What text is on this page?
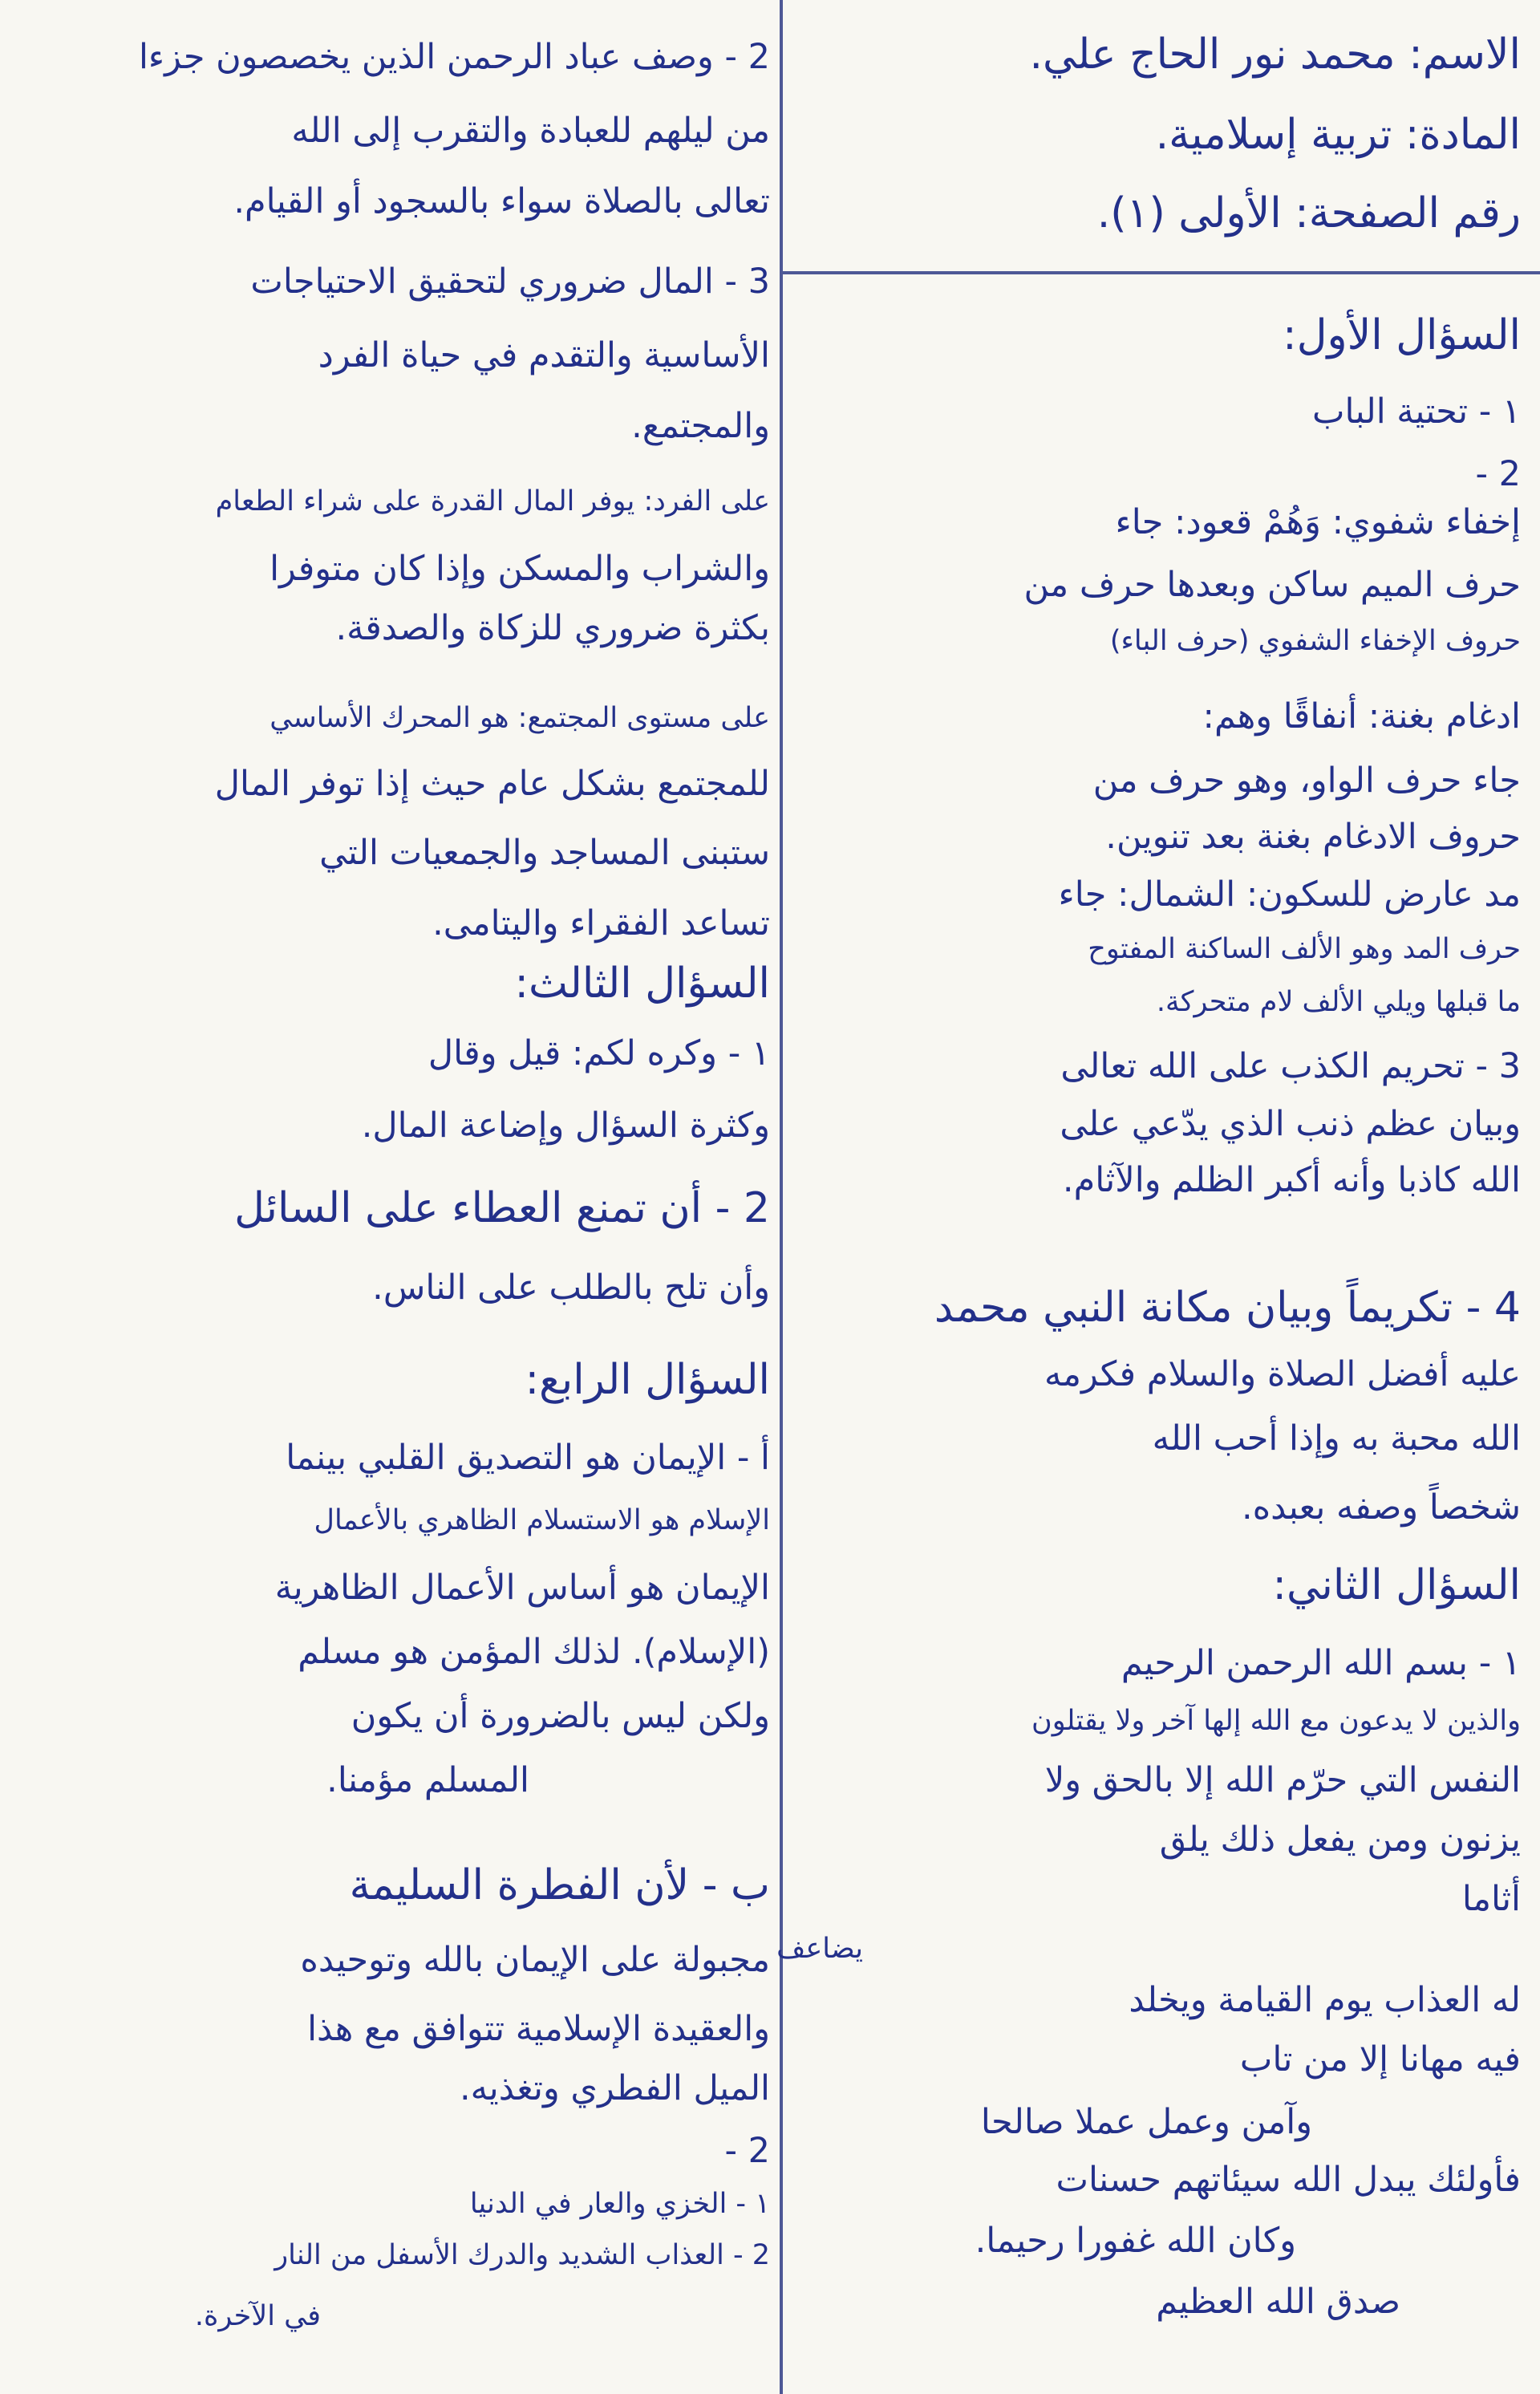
الاسم: محمد نور الحاج علي.
المادة: تربية إسلامية.
رقم الصفحة: الأولى (١).
السؤال الأول:
١ - تحتية الباب
2 -
إخفاء شفوي: وَهُمْ قعود: جاء
حرف الميم ساكن وبعدها حرف من
حروف الإخفاء الشفوي (حرف الباء)
ادغام بغنة: أنفاقًا وهم:
جاء حرف الواو، وهو حرف من
حروف الادغام بغنة بعد تنوين.
مد عارض للسكون: الشمال: جاء
حرف المد وهو الألف الساكنة المفتوح
ما قبلها ويلي الألف لام متحركة.
3 - تحريم الكذب على الله تعالى
وبيان عظم ذنب الذي يدّعي على
الله كاذبا وأنه أكبر الظلم والآثام.
4 - تكريماً وبيان مكانة النبي محمد
عليه أفضل الصلاة والسلام فكرمه
الله محبة به وإذا أحب الله
شخصاً وصفه بعبده.
السؤال الثاني:
١ - بسم الله الرحمن الرحيم
والذين لا يدعون مع الله إلها آخر ولا يقتلون
النفس التي حرّم الله إلا بالحق ولا
يزنون ومن يفعل ذلك يلق
أثاما
يضاعف
له العذاب يوم القيامة ويخلد
فيه مهانا إلا من تاب
وآمن وعمل عملا صالحا
فأولئك يبدل الله سيئاتهم حسنات
وكان الله غفورا رحيما.
صدق الله العظيم
2 - وصف عباد الرحمن الذين يخصصون جزءا
من ليلهم للعبادة والتقرب إلى الله
تعالى بالصلاة سواء بالسجود أو القيام.
3 - المال ضروري لتحقيق الاحتياجات
الأساسية والتقدم في حياة الفرد
والمجتمع.
على الفرد: يوفر المال القدرة على شراء الطعام
والشراب والمسكن وإذا كان متوفرا
بكثرة ضروري للزكاة والصدقة.
على مستوى المجتمع: هو المحرك الأساسي
للمجتمع بشكل عام حيث إذا توفر المال
ستبنى المساجد والجمعيات التي
تساعد الفقراء واليتامى.
السؤال الثالث:
١ - وكره لكم: قيل وقال
وكثرة السؤال وإضاعة المال.
2 - أن تمنع العطاء على السائل
وأن تلح بالطلب على الناس.
السؤال الرابع:
أ - الإيمان هو التصديق القلبي بينما
الإسلام هو الاستسلام الظاهري بالأعمال
الإيمان هو أساس الأعمال الظاهرية
(الإسلام). لذلك المؤمن هو مسلم
ولكن ليس بالضرورة أن يكون
المسلم مؤمنا.
ب - لأن الفطرة السليمة
مجبولة على الإيمان بالله وتوحيده
والعقيدة الإسلامية تتوافق مع هذا
الميل الفطري وتغذيه.
2 -
١ - الخزي والعار في الدنيا
2 - العذاب الشديد والدرك الأسفل من النار
في الآخرة.
